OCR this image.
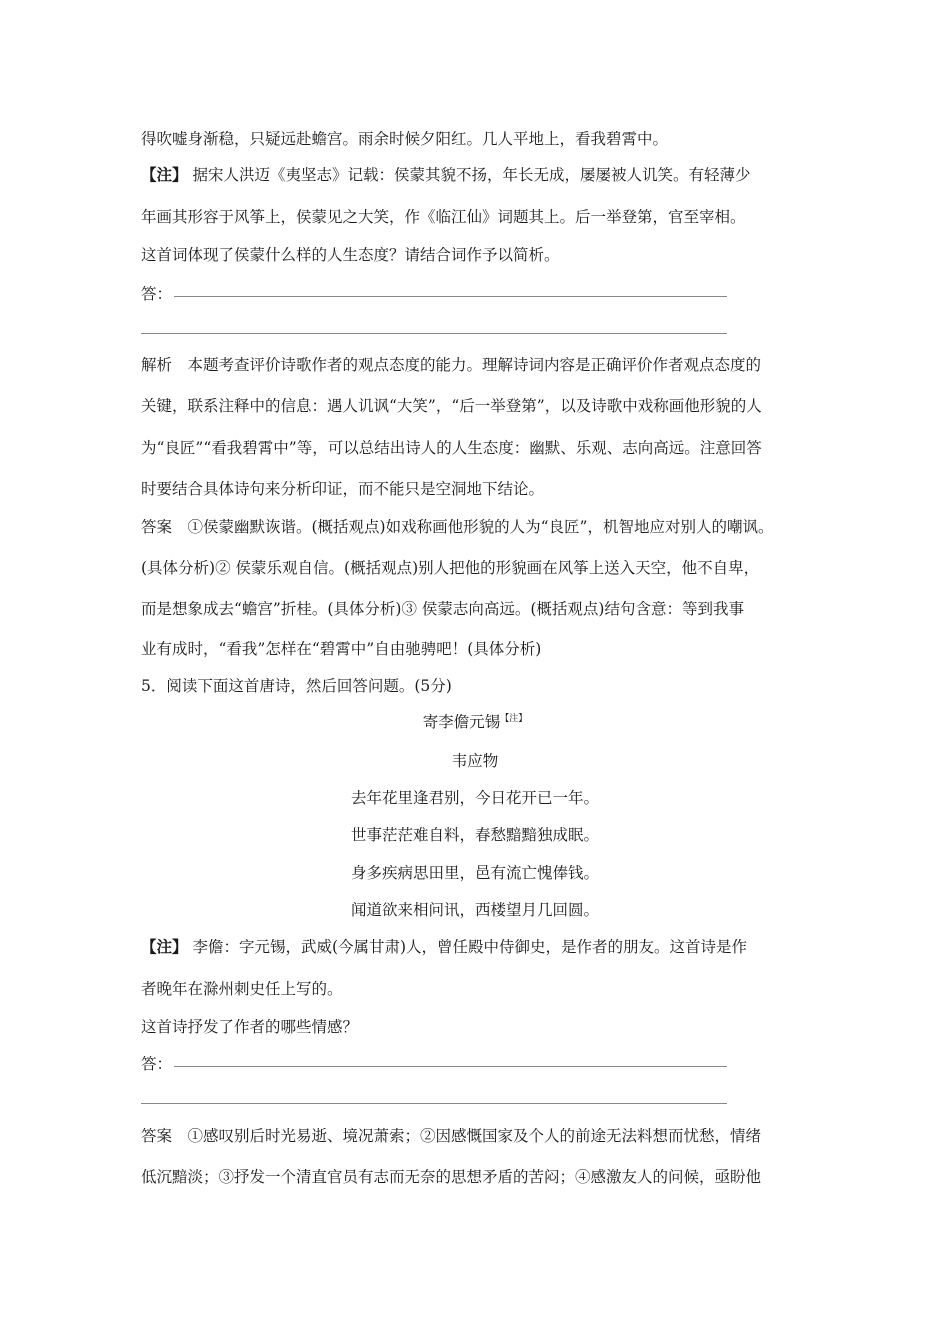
得吹嘘身渐稳，只疑远赴蟾宫。雨余时候夕阳红。几人平地上，看我碧霄中。
【注】 据宋人洪迈《夷坚志》记载：侯蒙其貌不扬，年长无成，屡屡被人讥笑。有轻薄少
年画其形容于风筝上，侯蒙见之大笑，作《临江仙》词题其上。后一举登第，官至宰相。
这首词体现了侯蒙什么样的人生态度？请结合词作予以简析。
答：
解析　本题考查评价诗歌作者的观点态度的能力。理解诗词内容是正确评价作者观点态度的
关键，联系注释中的信息：遇人讥讽“大笑”，“后一举登第”，以及诗歌中戏称画他形貌的人
为“良匠”“看我碧霄中”等，可以总结出诗人的人生态度：幽默、乐观、志向高远。注意回答
时要结合具体诗句来分析印证，而不能只是空洞地下结论。
答案　①侯蒙幽默诙谐。(概括观点)如戏称画他形貌的人为“良匠”，机智地应对别人的嘲讽。
(具体分析)② 侯蒙乐观自信。(概括观点)别人把他的形貌画在风筝上送入天空，他不自卑，
而是想象成去“蟾宫”折桂。(具体分析)③ 侯蒙志向高远。(概括观点)结句含意：等到我事
业有成时，“看我”怎样在“碧霄中”自由驰骋吧！(具体分析)
5．阅读下面这首唐诗，然后回答问题。(5分)
寄李儋元锡$^{【注】}$
韦应物
去年花里逢君别，今日花开已一年。
世事茫茫难自料，春愁黯黯独成眠。
身多疾病思田里，邑有流亡愧俸钱。
闻道欲来相问讯，西楼望月几回圆。
【注】 李儋：字元锡，武威(今属甘肃)人，曾任殿中侍御史，是作者的朋友。这首诗是作
者晚年在滁州刺史任上写的。
这首诗抒发了作者的哪些情感？
答：
答案　①感叹别后时光易逝、境况萧索；②因感慨国家及个人的前途无法料想而忧愁，情绪
低沉黯淡；③抒发一个清直官员有志而无奈的思想矛盾的苦闷；④感激友人的问候，亟盼他
